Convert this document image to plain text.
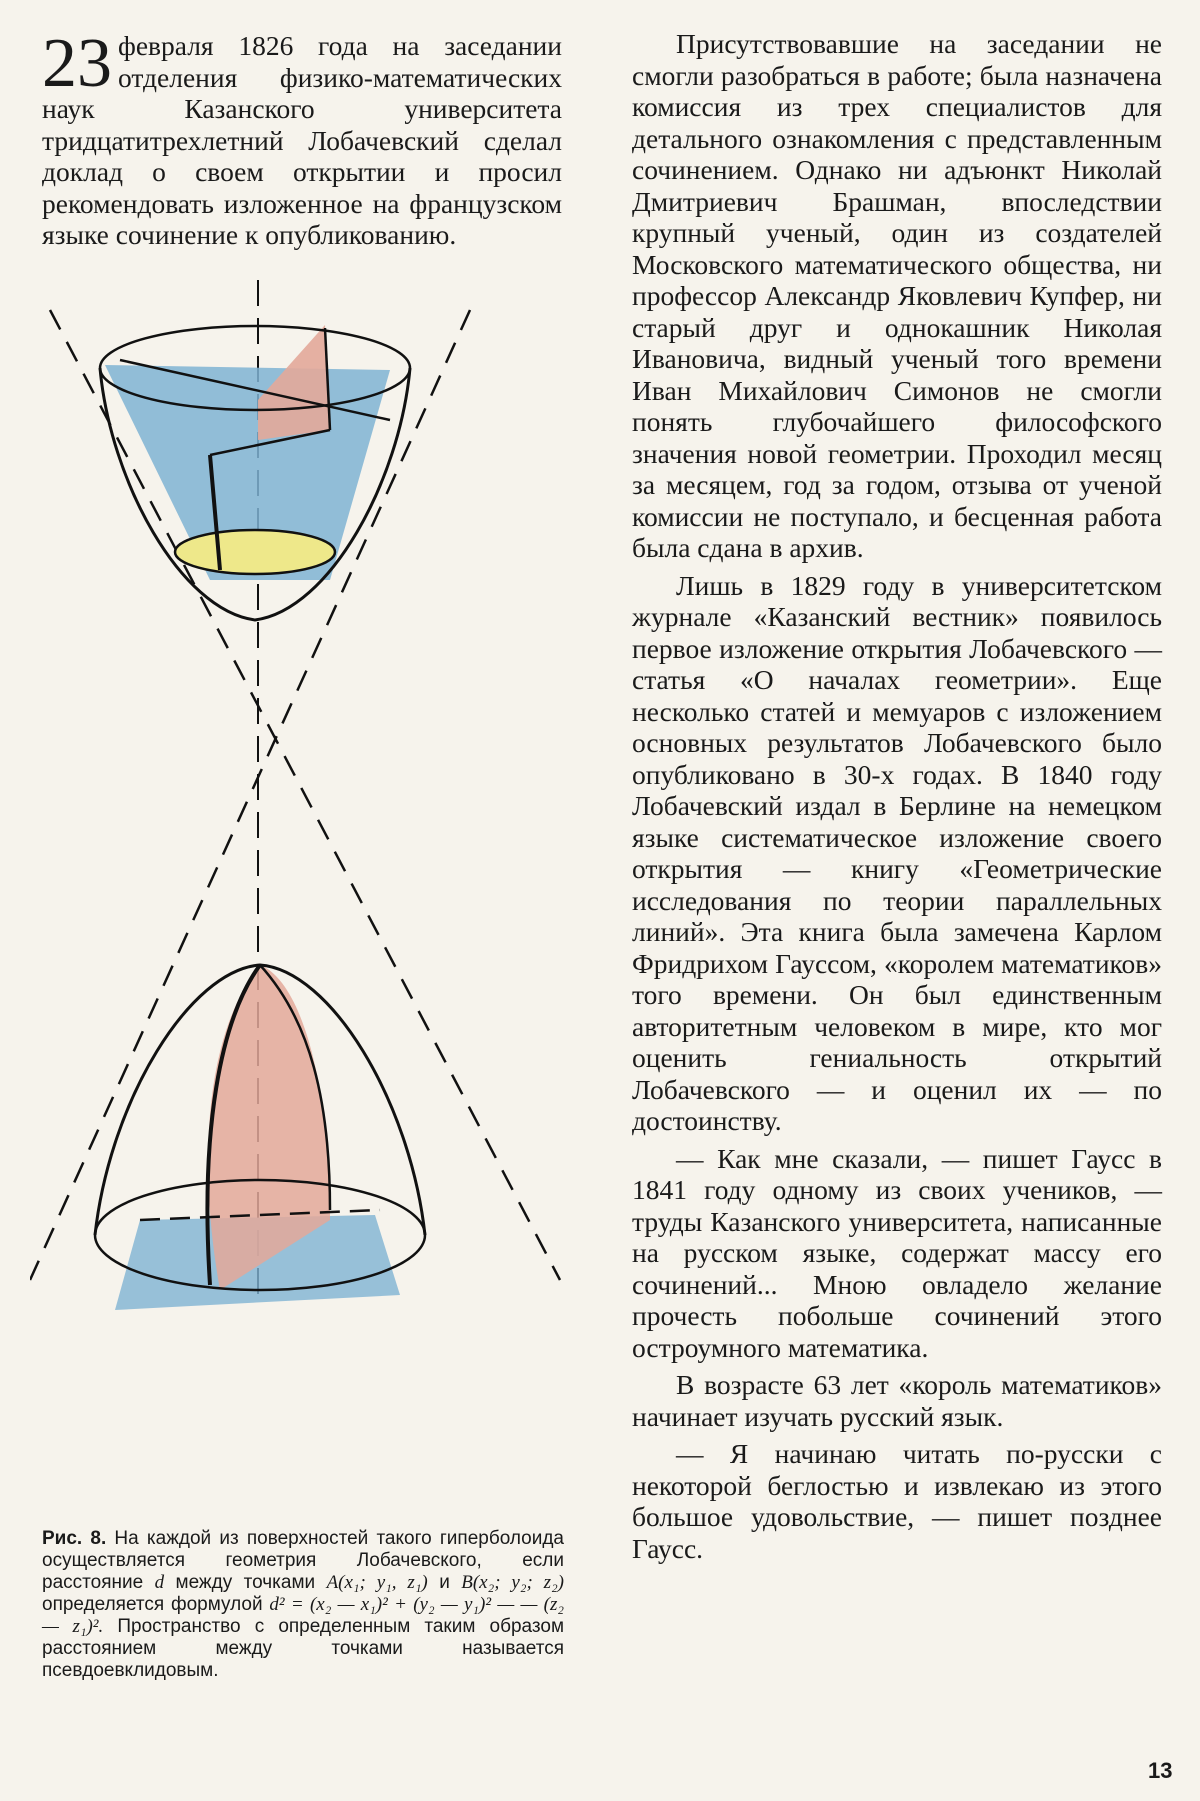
23 февраля 1826 года на заседании отделения физико-математических наук Казанского университета тридцатитрехлетний Лобачевский сделал доклад о своем открытии и просил рекомендовать изложенное на французском языке сочинение к опубликованию.

Рис. 8. На каждой из поверхностей такого гиперболоида осуществляется геометрия Лобачевского, если расстояние d между точками A(x₁; y₁, z₁) и B(x₂; y₂; z₂) определяется формулой d² = (x₂ — x₁)² + (y₂ — y₁)² — — (z₂ — z₁)². Пространство с определенным таким образом расстоянием между точками называется псевдоевклидовым.

Присутствовавшие на заседании не смогли разобраться в работе; была назначена комиссия из трех специалистов для детального ознакомления с представленным сочинением. Однако ни адъюнкт Николай Дмитриевич Брашман, впоследствии крупный ученый, один из создателей Московского математического общества, ни профессор Александр Яковлевич Купфер, ни старый друг и однокашник Николая Ивановича, видный ученый того времени Иван Михайлович Симонов не смогли понять глубочайшего философского значения новой геометрии. Проходил месяц за месяцем, год за годом, отзыва от ученой комиссии не поступало, и бесценная работа была сдана в архив.

Лишь в 1829 году в университетском журнале «Казанский вестник» появилось первое изложение открытия Лобачевского — статья «О началах геометрии». Еще несколько статей и мемуаров с изложением основных результатов Лобачевского было опубликовано в 30-х годах. В 1840 году Лобачевский издал в Берлине на немецком языке систематическое изложение своего открытия — книгу «Геометрические исследования по теории параллельных линий». Эта книга была замечена Карлом Фридрихом Гауссом, «королем математиков» того времени. Он был единственным авторитетным человеком в мире, кто мог оценить гениальность открытий Лобачевского — и оценил их — по достоинству.

— Как мне сказали, — пишет Гаусс в 1841 году одному из своих учеников, — труды Казанского университета, написанные на русском языке, содержат массу его сочинений... Мною овладело желание прочесть побольше сочинений этого остроумного математика.

В возрасте 63 лет «король математиков» начинает изучать русский язык.

— Я начинаю читать по-русски с некоторой беглостью и извлекаю из этого большое удовольствие, — пишет позднее Гаусс.

13
